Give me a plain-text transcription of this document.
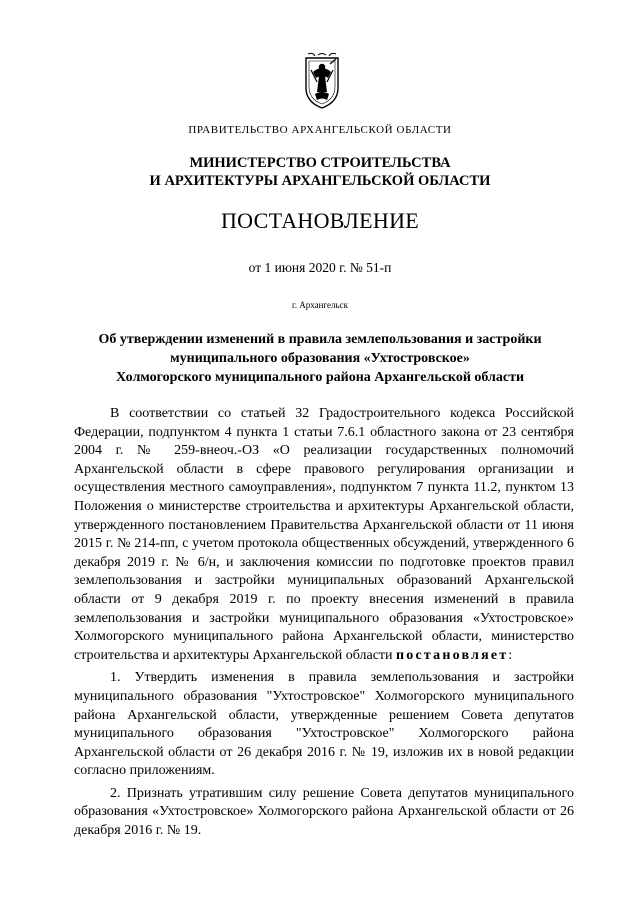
ПРАВИТЕЛЬСТВО АРХАНГЕЛЬСКОЙ ОБЛАСТИ
МИНИСТЕРСТВО СТРОИТЕЛЬСТВА
И АРХИТЕКТУРЫ АРХАНГЕЛЬСКОЙ ОБЛАСТИ
ПОСТАНОВЛЕНИЕ
от 1 июня 2020 г. № 51-п
г. Архангельск
Об утверждении изменений в правила землепользования и застройки
муниципального образования «Ухтостровское»
Холмогорского муниципального района Архангельской области

В соответствии со статьей 32 Градостроительного кодекса Российской Федерации, подпунктом 4 пункта 1 статьи 7.6.1 областного закона от 23 сентября 2004 г. № 259-внеоч.-ОЗ «О реализации государственных полномочий Архангельской области в сфере правового регулирования организации и осуществления местного самоуправления», подпунктом 7 пункта 11.2, пунктом 13 Положения о министерстве строительства и архитектуры Архангельской области, утвержденного постановлением Правительства Архангельской области от 11 июня 2015 г. № 214-пп, с учетом протокола общественных обсуждений, утвержденного 6 декабря 2019 г. № 6/н, и заключения комиссии по подготовке проектов правил землепользования и застройки муниципальных образований Архангельской области от 9 декабря 2019 г. по проекту внесения изменений в правила землепользования и застройки муниципального образования «Ухтостровское» Холмогорского муниципального района Архангельской области, министерство строительства и архитектуры Архангельской области постановляет:

1. Утвердить изменения в правила землепользования и застройки муниципального образования "Ухтостровское" Холмогорского муниципального района Архангельской области, утвержденные решением Совета депутатов муниципального образования "Ухтостровское" Холмогорского района Архангельской области от 26 декабря 2016 г. № 19, изложив их в новой редакции согласно приложениям.

2. Признать утратившим силу решение Совета депутатов муниципального образования «Ухтостровское» Холмогорского района Архангельской области от 26 декабря 2016 г. № 19.
